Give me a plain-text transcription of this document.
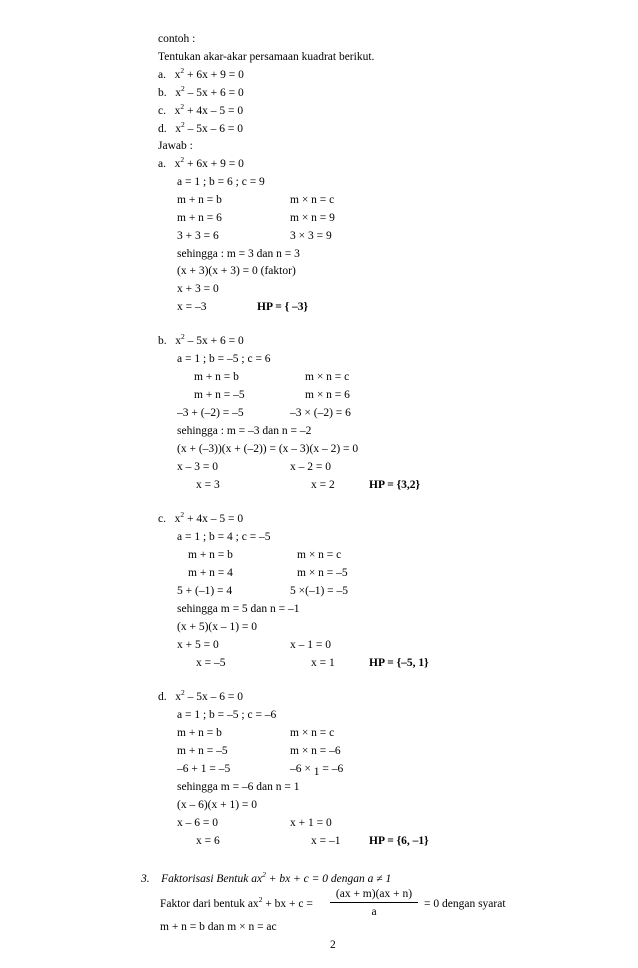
contoh :
Tentukan akar-akar persamaan kuadrat berikut.
a. $x^2 + 6x + 9 = 0$
b. $x^2 - 5x + 6 = 0$
c. $x^2 + 4x - 5 = 0$
d. $x^2 - 5x - 6 = 0$
Jawab :
a. $x^2 + 6x + 9 = 0$
a = 1 ; b = 6 ; c = 9
m + n = b	m × n = c
m + n = 6	m × n = 9
3 + 3 = 6	3 × 3 = 9
sehingga : m = 3 dan n = 3
(x + 3)(x + 3) = 0 (faktor)
x + 3 = 0
x = –3	HP = { –3}
b. $x^2 - 5x + 6 = 0$
a = 1 ; b = –5 ; c = 6
m + n = b	m × n = c
m + n = –5	m × n = 6
–3 + (–2) = –5	–3 × (–2) = 6
sehingga : m = –3 dan n = –2
(x + (–3))(x + (–2)) = (x – 3)(x – 2) = 0
x – 3 = 0	x – 2 = 0
x = 3	x = 2	HP = {3,2}
c. $x^2 + 4x - 5 = 0$
a = 1 ; b = 4 ; c = –5
m + n = b	m × n = c
m + n = 4	m × n = –5
5 + (–1) = 4	5 ×(–1) = –5
sehingga m = 5 dan n = –1
(x + 5)(x – 1) = 0
x + 5 = 0	x – 1 = 0
x = –5	x = 1	HP = {–5, 1}
d. $x^2 - 5x - 6 = 0$
a = 1 ; b = –5 ; c = –6
m + n = b	m × n = c
m + n = –5	m × n = –6
–6 + 1 = –5	–6 × 1 = –6
sehingga m = –6 dan n = 1
(x – 6)(x + 1) = 0
x – 6 = 0	x + 1 = 0
x = 6	x = –1 HP = {6, –1}
3. Faktorisasi Bentuk $ax^2$ + bx + c = 0 dengan a ≠ 1
Faktor dari bentuk $ax^2$ + bx + c =
(ax + m)(ax + n)
a
= 0 dengan syarat
m + n = b dan m × n = ac
2
